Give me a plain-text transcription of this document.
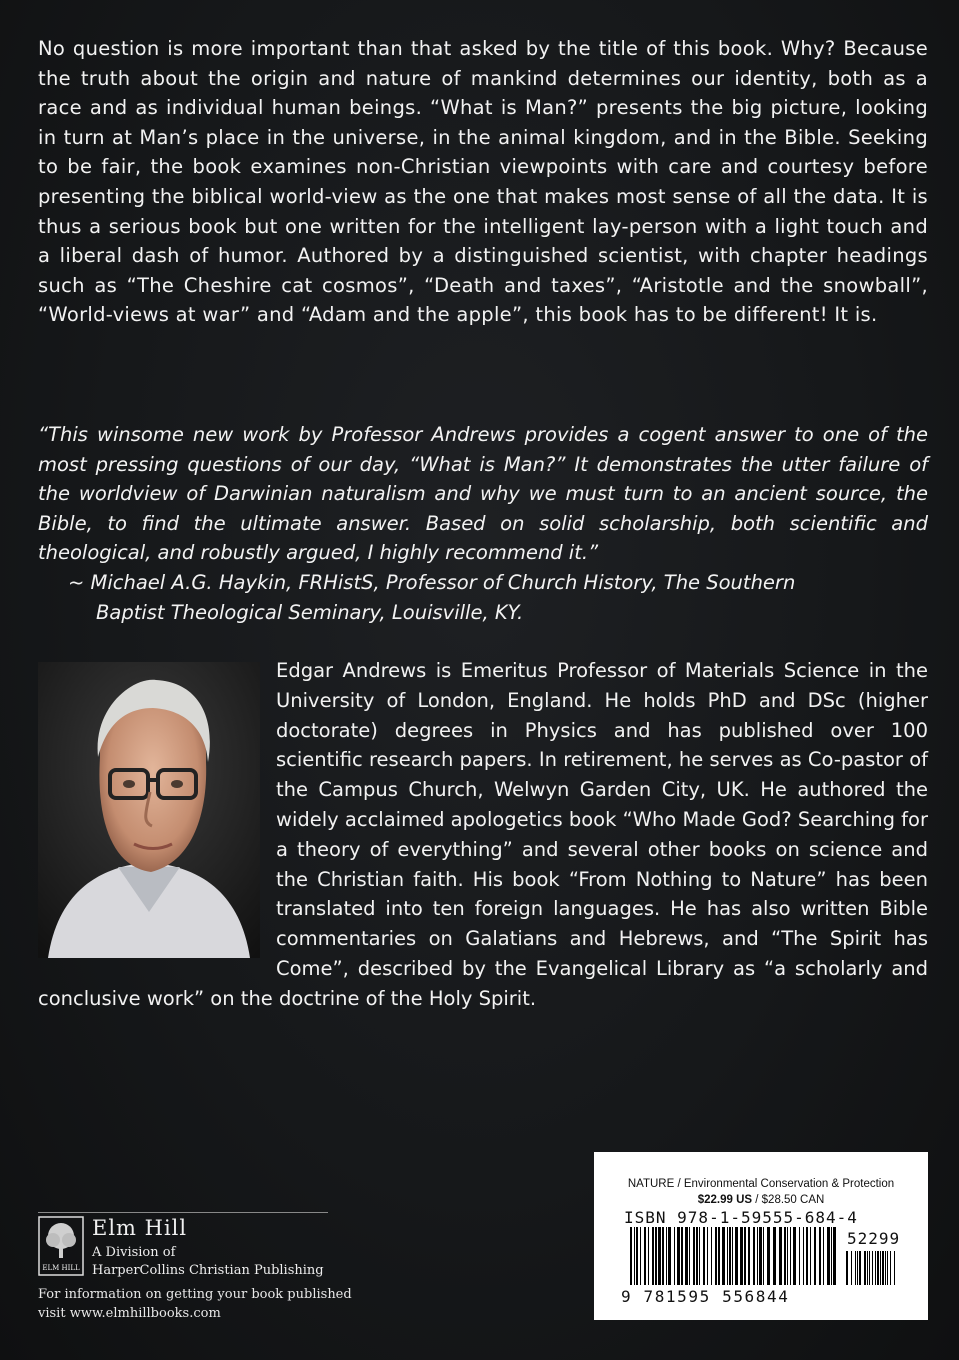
No question is more important than that asked by the title of this book. Why? Because the truth about the origin and nature of mankind determines our identity, both as a race and as individual human beings. “What is Man?” presents the big picture, looking in turn at Man’s place in the universe, in the animal kingdom, and in the Bible. Seeking to be fair, the book examines non-Christian viewpoints with care and courtesy before presenting the biblical world-view as the one that makes most sense of all the data. It is thus a serious book but one written for the intelligent lay-person with a light touch and a liberal dash of humor. Authored by a distinguished scientist, with chapter headings such as “The Cheshire cat cosmos”, “Death and taxes”, “Aristotle and the snowball”, “World-views at war” and “Adam and the apple”, this book has to be different! It is.

“This winsome new work by Professor Andrews provides a cogent answer to one of the most pressing questions of our day, “What is Man?” It demonstrates the utter failure of the worldview of Darwinian naturalism and why we must turn to an ancient source, the Bible, to find the ultimate answer. Based on solid scholarship, both scientific and theological, and robustly argued, I highly recommend it.”

~ Michael A.G. Haykin, FRHistS, Professor of Church History, The Southern
Baptist Theological Seminary, Louisville, KY.

Edgar Andrews is Emeritus Professor of Materials Science in the University of London, England. He holds PhD and DSc (higher doctorate) degrees in Physics and has published over 100 scientific research papers. In retirement, he serves as Co-pastor of the Campus Church, Welwyn Garden City, UK. He authored the widely acclaimed apologetics book “Who Made God? Searching for a theory of everything” and several other books on science and the Christian faith. His book “From Nothing to Nature” has been translated into ten foreign languages. He has also written Bible commentaries on Galatians and Hebrews, and “The Spirit has Come”, described by the Evangelical Library as “a scholarly and conclusive work” on the doctrine of the Holy Spirit.

ELM HILL
Elm Hill
A Division of
HarperCollins Christian Publishing
For information on getting your book published
visit www.elmhillbooks.com
NATURE / Environmental Conservation & Protection
$22.99 US / $28.50 CAN
ISBN 978-1-59555-684-4
52299
9 781595 556844
